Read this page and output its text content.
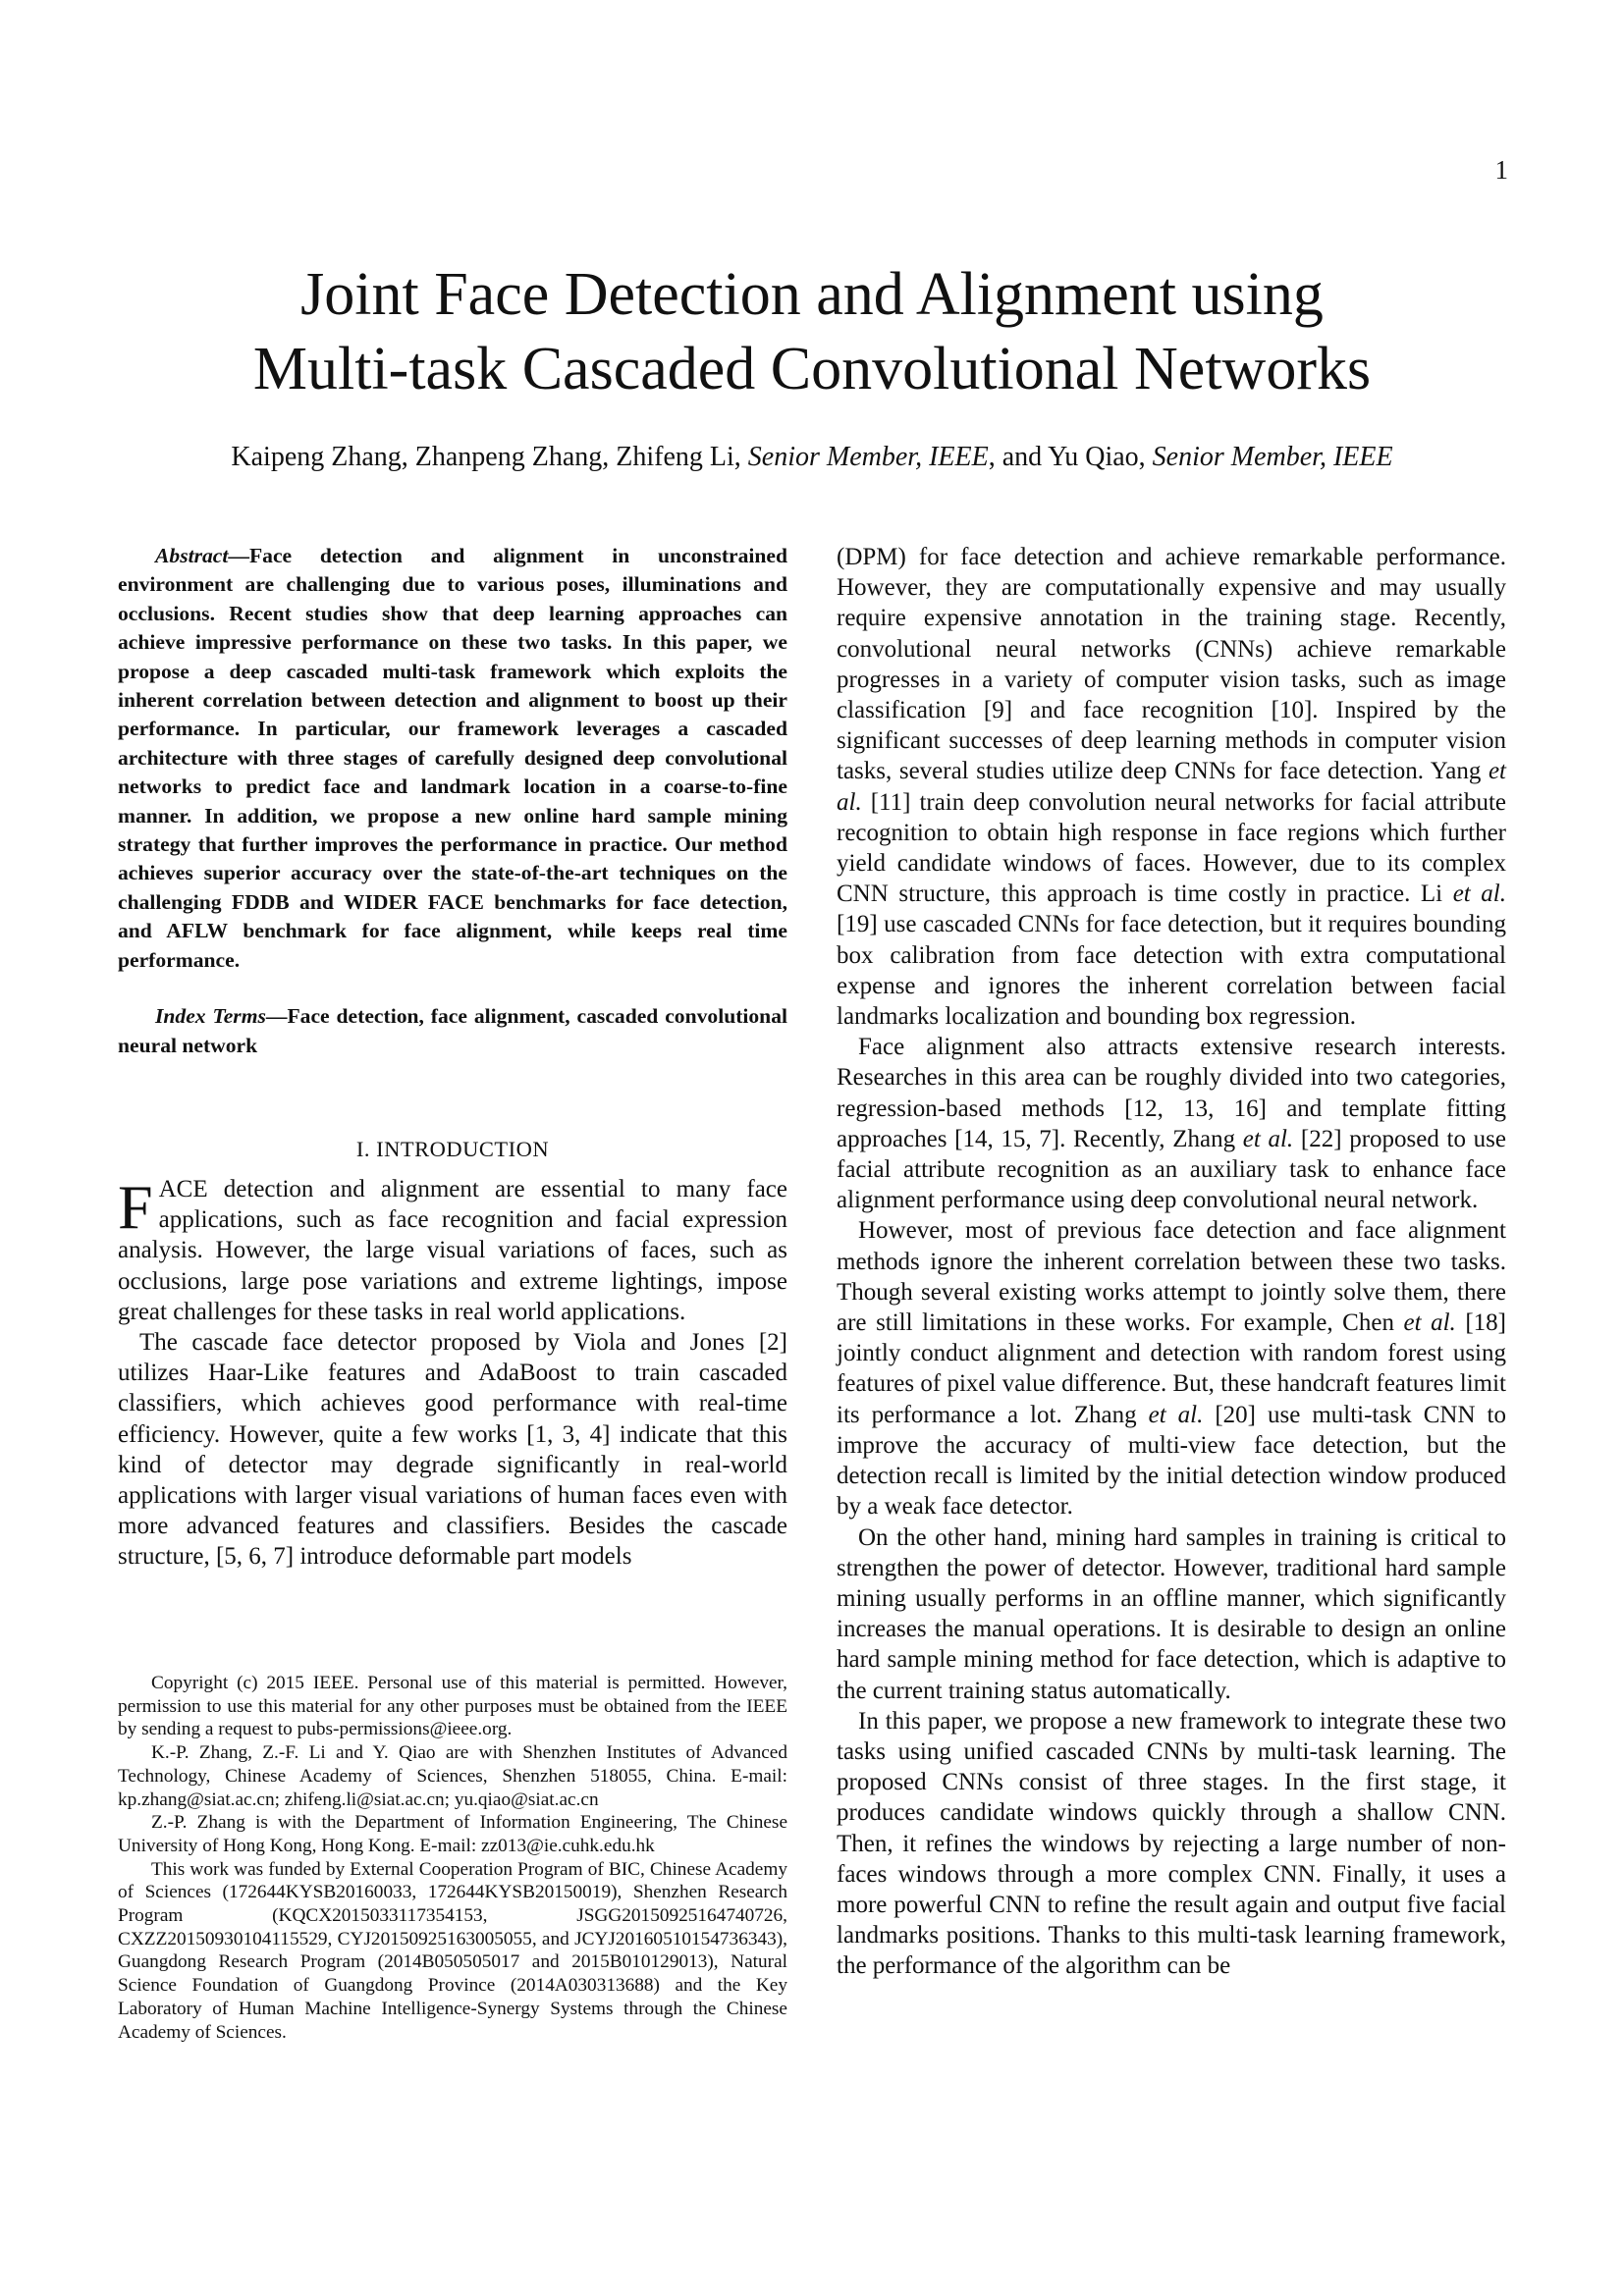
1
Joint Face Detection and Alignment using
Multi-task Cascaded Convolutional Networks
Kaipeng Zhang, Zhanpeng Zhang, Zhifeng Li, Senior Member, IEEE, and Yu Qiao, Senior Member, IEEE

Abstract—Face detection and alignment in unconstrained environment are challenging due to various poses, illuminations and occlusions. Recent studies show that deep learning approaches can achieve impressive performance on these two tasks. In this paper, we propose a deep cascaded multi-task framework which exploits the inherent correlation between detection and alignment to boost up their performance. In particular, our framework leverages a cascaded architecture with three stages of carefully designed deep convolutional networks to predict face and landmark location in a coarse-to-fine manner. In addition, we propose a new online hard sample mining strategy that further improves the performance in practice. Our method achieves superior accuracy over the state-of-the-art techniques on the challenging FDDB and WIDER FACE benchmarks for face detection, and AFLW benchmark for face alignment, while keeps real time performance.

Index Terms—Face detection, face alignment, cascaded convolutional neural network

I. INTRODUCTION

FACE detection and alignment are essential to many face applications, such as face recognition and facial expression analysis. However, the large visual variations of faces, such as occlusions, large pose variations and extreme lightings, impose great challenges for these tasks in real world applications.

The cascade face detector proposed by Viola and Jones [2] utilizes Haar-Like features and AdaBoost to train cascaded classifiers, which achieves good performance with real-time efficiency. However, quite a few works [1, 3, 4] indicate that this kind of detector may degrade significantly in real-world applications with larger visual variations of human faces even with more advanced features and classifiers. Besides the cascade structure, [5, 6, 7] introduce deformable part models

Copyright (c) 2015 IEEE. Personal use of this material is permitted. However, permission to use this material for any other purposes must be obtained from the IEEE by sending a request to pubs-permissions@ieee.org.

K.-P. Zhang, Z.-F. Li and Y. Qiao are with Shenzhen Institutes of Advanced Technology, Chinese Academy of Sciences, Shenzhen 518055, China. E-mail: kp.zhang@siat.ac.cn; zhifeng.li@siat.ac.cn; yu.qiao@siat.ac.cn

Z.-P. Zhang is with the Department of Information Engineering, The Chinese University of Hong Kong, Hong Kong. E-mail: zz013@ie.cuhk.edu.hk

This work was funded by External Cooperation Program of BIC, Chinese Academy of Sciences (172644KYSB20160033, 172644KYSB20150019), Shenzhen Research Program (KQCX2015033117354153, JSGG20150925164740726, CXZZ20150930104115529, CYJ20150925163005055, and JCYJ20160510154736343), Guangdong Research Program (2014B050505017 and 2015B010129013), Natural Science Foundation of Guangdong Province (2014A030313688) and the Key Laboratory of Human Machine Intelligence-Synergy Systems through the Chinese Academy of Sciences.

(DPM) for face detection and achieve remarkable performance. However, they are computationally expensive and may usually require expensive annotation in the training stage. Recently, convolutional neural networks (CNNs) achieve remarkable progresses in a variety of computer vision tasks, such as image classification [9] and face recognition [10]. Inspired by the significant successes of deep learning methods in computer vision tasks, several studies utilize deep CNNs for face detection. Yang et al. [11] train deep convolution neural networks for facial attribute recognition to obtain high response in face regions which further yield candidate windows of faces. However, due to its complex CNN structure, this approach is time costly in practice. Li et al. [19] use cascaded CNNs for face detection, but it requires bounding box calibration from face detection with extra computational expense and ignores the inherent correlation between facial landmarks localization and bounding box regression.

Face alignment also attracts extensive research interests. Researches in this area can be roughly divided into two categories, regression-based methods [12, 13, 16] and template fitting approaches [14, 15, 7]. Recently, Zhang et al. [22] proposed to use facial attribute recognition as an auxiliary task to enhance face alignment performance using deep convolutional neural network.

However, most of previous face detection and face alignment methods ignore the inherent correlation between these two tasks. Though several existing works attempt to jointly solve them, there are still limitations in these works. For example, Chen et al. [18] jointly conduct alignment and detection with random forest using features of pixel value difference. But, these handcraft features limit its performance a lot. Zhang et al. [20] use multi-task CNN to improve the accuracy of multi-view face detection, but the detection recall is limited by the initial detection window produced by a weak face detector.

On the other hand, mining hard samples in training is critical to strengthen the power of detector. However, traditional hard sample mining usually performs in an offline manner, which significantly increases the manual operations. It is desirable to design an online hard sample mining method for face detection, which is adaptive to the current training status automatically.

In this paper, we propose a new framework to integrate these two tasks using unified cascaded CNNs by multi-task learning. The proposed CNNs consist of three stages. In the first stage, it produces candidate windows quickly through a shallow CNN. Then, it refines the windows by rejecting a large number of non-faces windows through a more complex CNN. Finally, it uses a more powerful CNN to refine the result again and output five facial landmarks positions. Thanks to this multi-task learning framework, the performance of the algorithm can be
